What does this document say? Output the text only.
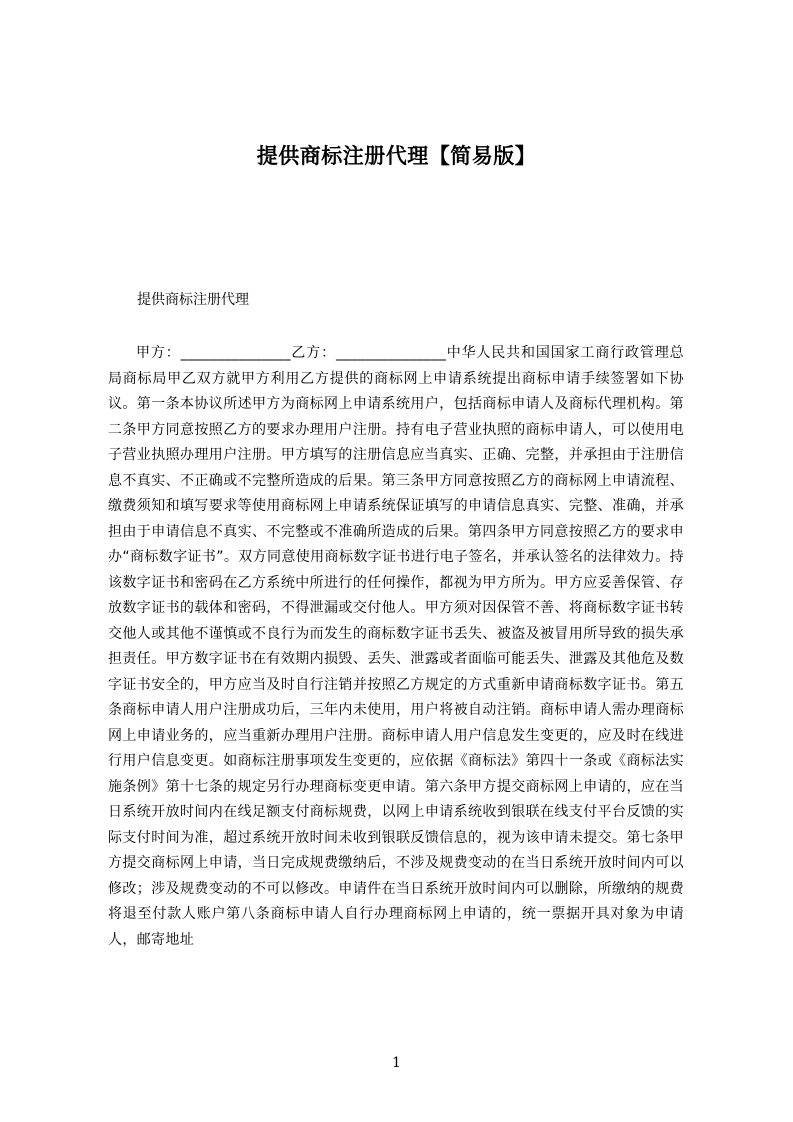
提供商标注册代理【简易版】
提供商标注册代理

甲方：_______________乙方：_______________中华人民共和国国家工商行政管理总局商标局甲乙双方就甲方利用乙方提供的商标网上申请系统提出商标申请手续签署如下协议。第一条本协议所述甲方为商标网上申请系统用户，包括商标申请人及商标代理机构。第二条甲方同意按照乙方的要求办理用户注册。持有电子营业执照的商标申请人，可以使用电子营业执照办理用户注册。甲方填写的注册信息应当真实、正确、完整，并承担由于注册信息不真实、不正确或不完整所造成的后果。第三条甲方同意按照乙方的商标网上申请流程、缴费须知和填写要求等使用商标网上申请系统保证填写的申请信息真实、完整、准确，并承担由于申请信息不真实、不完整或不准确所造成的后果。第四条甲方同意按照乙方的要求申办“商标数字证书”。双方同意使用商标数字证书进行电子签名，并承认签名的法律效力。持该数字证书和密码在乙方系统中所进行的任何操作，都视为甲方所为。甲方应妥善保管、存放数字证书的载体和密码，不得泄漏或交付他人。甲方须对因保管不善、将商标数字证书转交他人或其他不谨慎或不良行为而发生的商标数字证书丢失、被盗及被冒用所导致的损失承担责任。甲方数字证书在有效期内损毁、丢失、泄露或者面临可能丢失、泄露及其他危及数字证书安全的，甲方应当及时自行注销并按照乙方规定的方式重新申请商标数字证书。第五条商标申请人用户注册成功后，三年内未使用，用户将被自动注销。商标申请人需办理商标网上申请业务的，应当重新办理用户注册。商标申请人用户信息发生变更的，应及时在线进行用户信息变更。如商标注册事项发生变更的，应依据《商标法》第四十一条或《商标法实施条例》第十七条的规定另行办理商标变更申请。第六条甲方提交商标网上申请的，应在当日系统开放时间内在线足额支付商标规费，以网上申请系统收到银联在线支付平台反馈的实际支付时间为准，超过系统开放时间未收到银联反馈信息的，视为该申请未提交。第七条甲方提交商标网上申请，当日完成规费缴纳后，不涉及规费变动的在当日系统开放时间内可以修改；涉及规费变动的不可以修改。申请件在当日系统开放时间内可以删除，所缴纳的规费将退至付款人账户第八条商标申请人自行办理商标网上申请的，统一票据开具对象为申请人，邮寄地址

1
